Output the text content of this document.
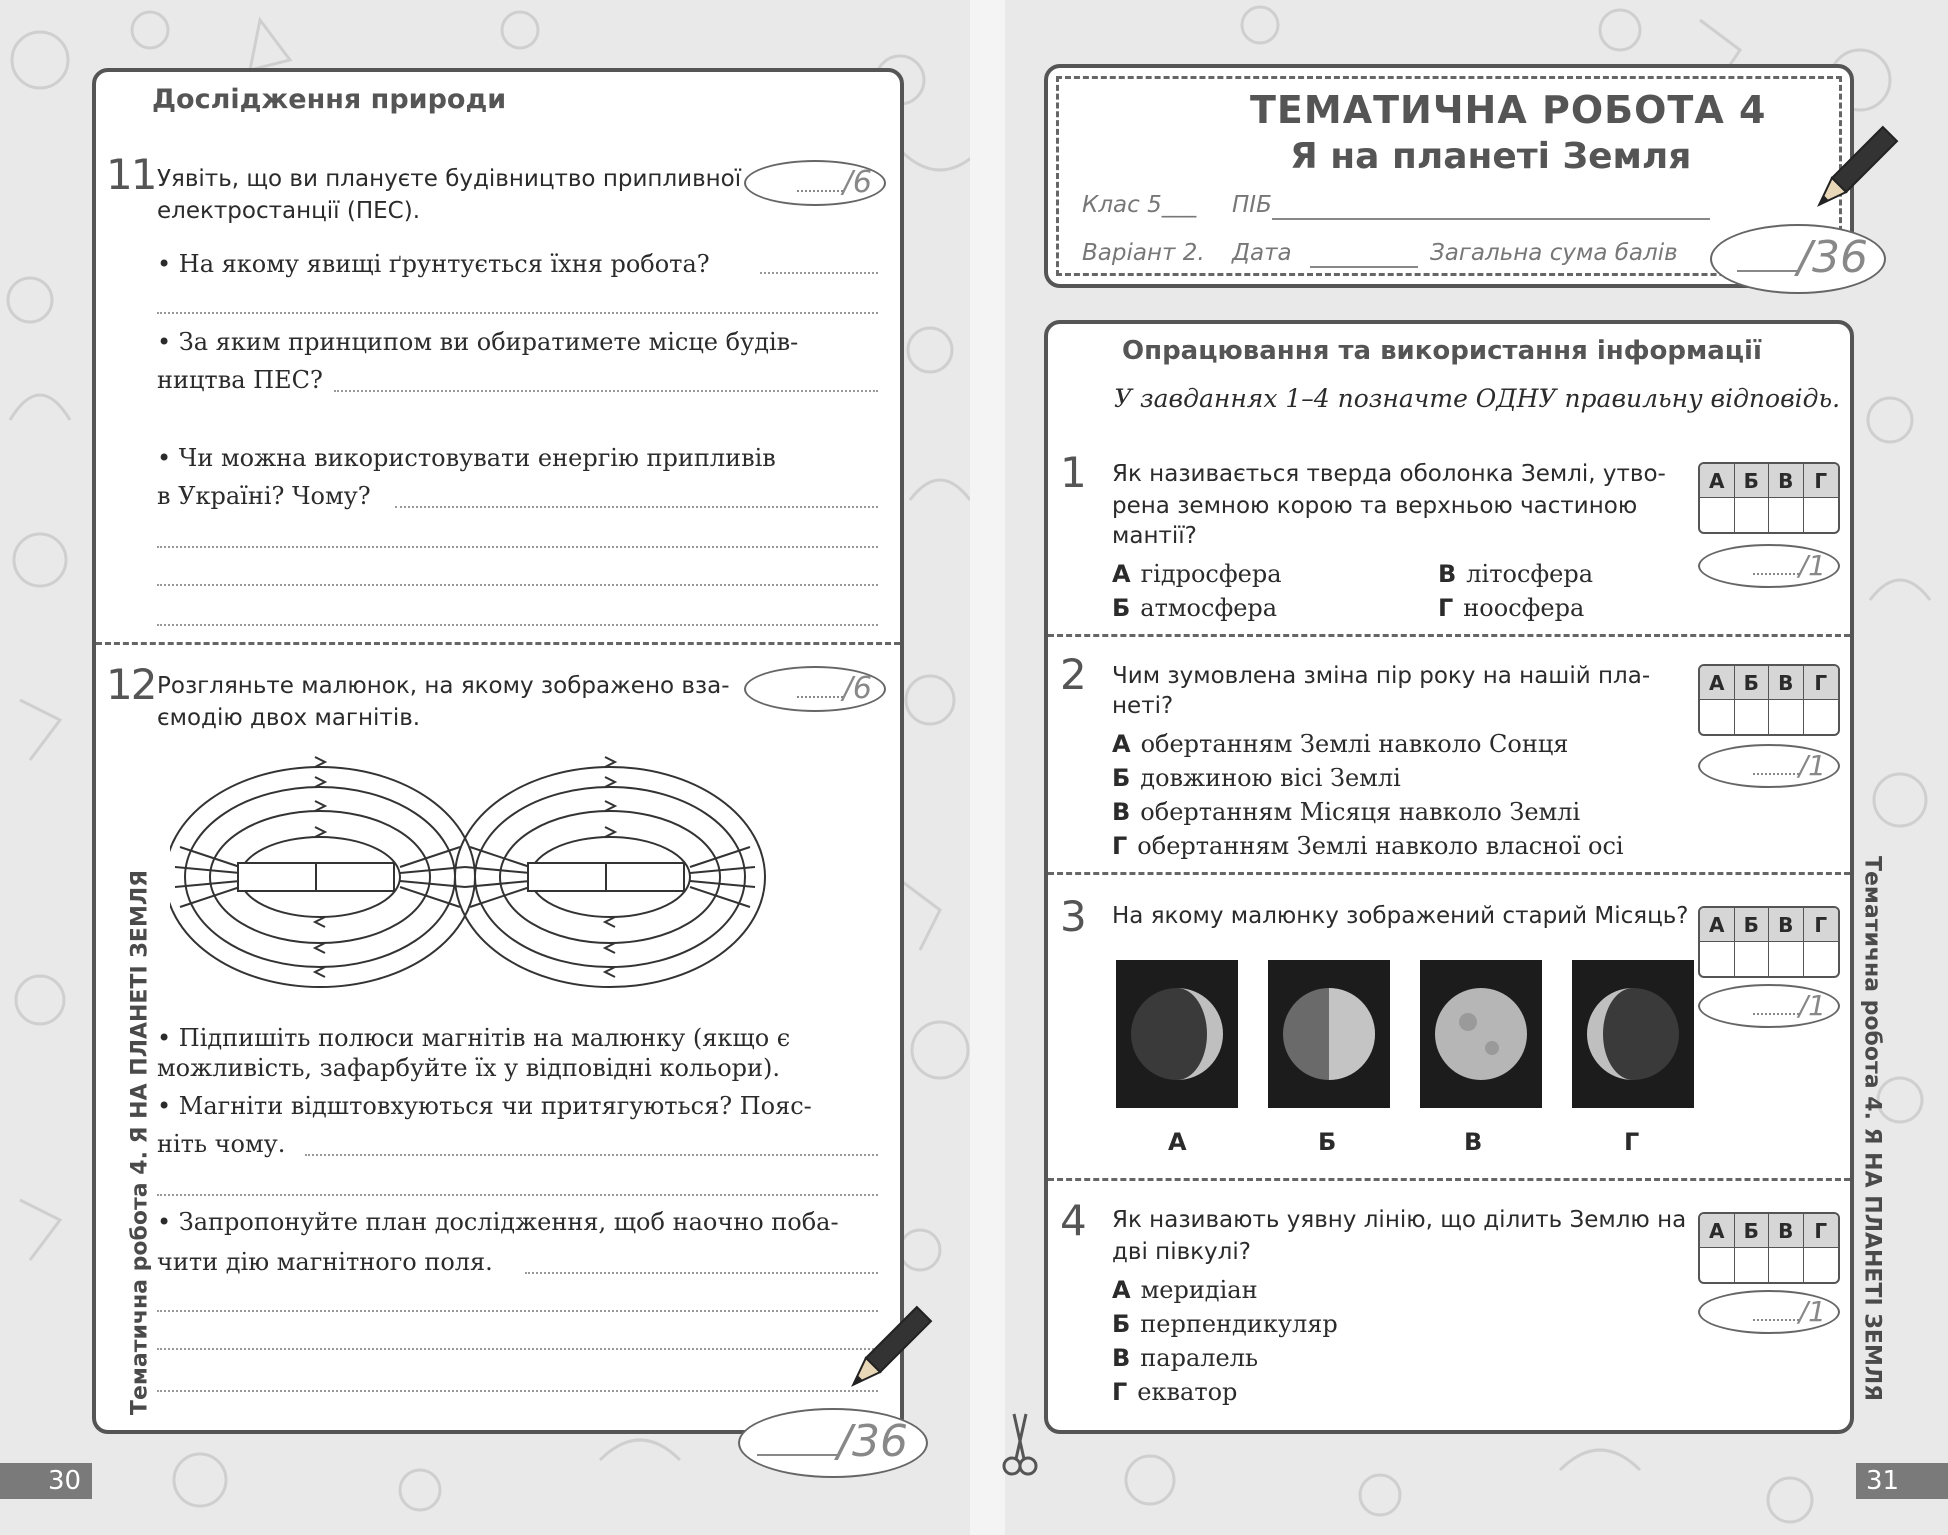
Дослідження природи
11 Уявіть, що ви плануєте будівництво припливної
електростанції (ПЕС).
/6
• На якому явищі ґрунтується їхня робота?
• За яким принципом ви обиратимете місце будів-
ництва ПЕС?
• Чи можна використовувати енергію припливів
в Україні? Чому?
12 Розгляньте малюнок, на якому зображено вза-
ємодію двох магнітів.
/6
• Підпишіть полюси магнітів на малюнку (якщо є
можливість, зафарбуйте їх у відповідні кольори).
• Магніти відштовхуються чи притягуються? Пояс-
ніть чому.
• Запропонуйте план дослідження, щоб наочно поба-
чити дію магнітного поля.
/36
Тематична робота 4. Я НА ПЛАНЕТІ ЗЕМЛЯ
30
ТЕМАТИЧНА РОБОТА 4
Я на планеті Земля
Клас 5___ ПІБ
Варіант 2. Дата	Загальна сума балів	/36
Опрацювання та використання інформації
У завданнях 1–4 позначте ОДНУ правильну відповідь.
1 Як називається тверда оболонка Землі, утво-
рена земною корою та верхньою частиною
мантії?
А гідросфера	В літосфера
Б атмосфера	Г ноосфера
А Б В	Г
/1
2 Чим зумовлена зміна пір року на нашій пла-
неті?
А обертанням Землі навколо Сонця
Б довжиною вісі Землі
В обертанням Місяця навколо Землі
Г обертанням Землі навколо власної осі
А Б В	Г
/1
3 На якому малюнку зображений старий Місяць?	А Б В	Г
/1
А	Б	В	Г
4 Як називають уявну лінію, що ділить Землю на
дві півкулі?
А меридіан
Б перпендикуляр
В паралель
Г екватор
А Б В	Г
/1	Тематична робота 4. Я НА ПЛАНЕТІ ЗЕМЛЯ
31
